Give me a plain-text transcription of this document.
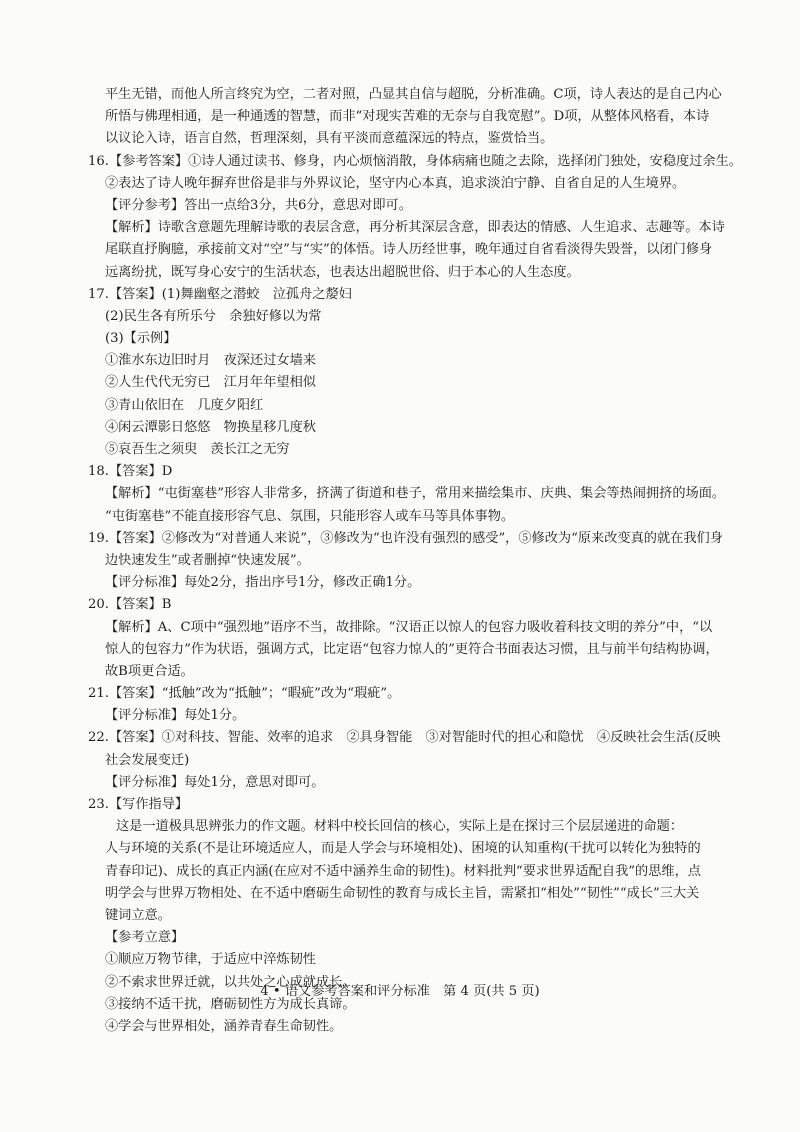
平生无错，而他人所言终究为空，二者对照，凸显其自信与超脱，分析准确。C项，诗人表达的是自己内心
所悟与佛理相通，是一种通透的智慧，而非“对现实苦难的无奈与自我宽慰”。D项，从整体风格看，本诗
以议论入诗，语言自然，哲理深刻，具有平淡而意蕴深远的特点，鉴赏恰当。
16.【参考答案】①诗人通过读书、修身，内心烦恼消散，身体病痛也随之去除，选择闭门独处，安稳度过余生。
②表达了诗人晚年摒弃世俗是非与外界议论，坚守内心本真，追求淡泊宁静、自省自足的人生境界。
【评分参考】答出一点给3分，共6分，意思对即可。
【解析】诗歌含意题先理解诗歌的表层含意，再分析其深层含意，即表达的情感、人生追求、志趣等。本诗
尾联直抒胸臆，承接前文对“空”与“实”的体悟。诗人历经世事，晚年通过自省看淡得失毁誉，以闭门修身
远离纷扰，既写身心安宁的生活状态，也表达出超脱世俗、归于本心的人生态度。
17.【答案】(1)舞幽壑之潜蛟　泣孤舟之嫠妇
(2)民生各有所乐兮　余独好修以为常
(3)【示例】
①淮水东边旧时月　夜深还过女墙来
②人生代代无穷已　江月年年望相似
③青山依旧在　几度夕阳红
④闲云潭影日悠悠　物换星移几度秋
⑤哀吾生之须臾　羡长江之无穷
18.【答案】D
【解析】“屯街塞巷”形容人非常多，挤满了街道和巷子，常用来描绘集市、庆典、集会等热闹拥挤的场面。
“屯街塞巷”不能直接形容气息、氛围，只能形容人或车马等具体事物。
19.【答案】②修改为“对普通人来说”，③修改为“也许没有强烈的感受”，⑤修改为“原来改变真的就在我们身
边快速发生”或者删掉“快速发展”。
【评分标准】每处2分，指出序号1分，修改正确1分。
20.【答案】B
【解析】A、C项中“强烈地”语序不当，故排除。“汉语正以惊人的包容力吸收着科技文明的养分”中，“以
惊人的包容力”作为状语，强调方式，比定语“包容力惊人的”更符合书面表达习惯，且与前半句结构协调，
故B项更合适。
21.【答案】“抵触”改为“抵触”；“暇疵”改为“瑕疵”。
【评分标准】每处1分。
22.【答案】①对科技、智能、效率的追求　②具身智能　③对智能时代的担心和隐忧　④反映社会生活(反映
社会发展变迁)
【评分标准】每处1分，意思对即可。
23.【写作指导】
这是一道极具思辨张力的作文题。材料中校长回信的核心，实际上是在探讨三个层层递进的命题：
人与环境的关系(不是让环境适应人，而是人学会与环境相处)、困境的认知重构(干扰可以转化为独特的
青春印记)、成长的真正内涵(在应对不适中涵养生命的韧性)。材料批判“要求世界适配自我”的思维，点
明学会与世界万物相处、在不适中磨砺生命韧性的教育与成长主旨，需紧扣“相处”“韧性”“成长”三大关
键词立意。
【参考立意】
①顺应万物节律，于适应中淬炼韧性
②不索求世界迁就，以共处之心成就成长。
③接纳不适干扰，磨砺韧性方为成长真谛。
④学会与世界相处，涵养青春生命韧性。
4 • 语文参考答案和评分标准　第 4 页(共 5 页)
